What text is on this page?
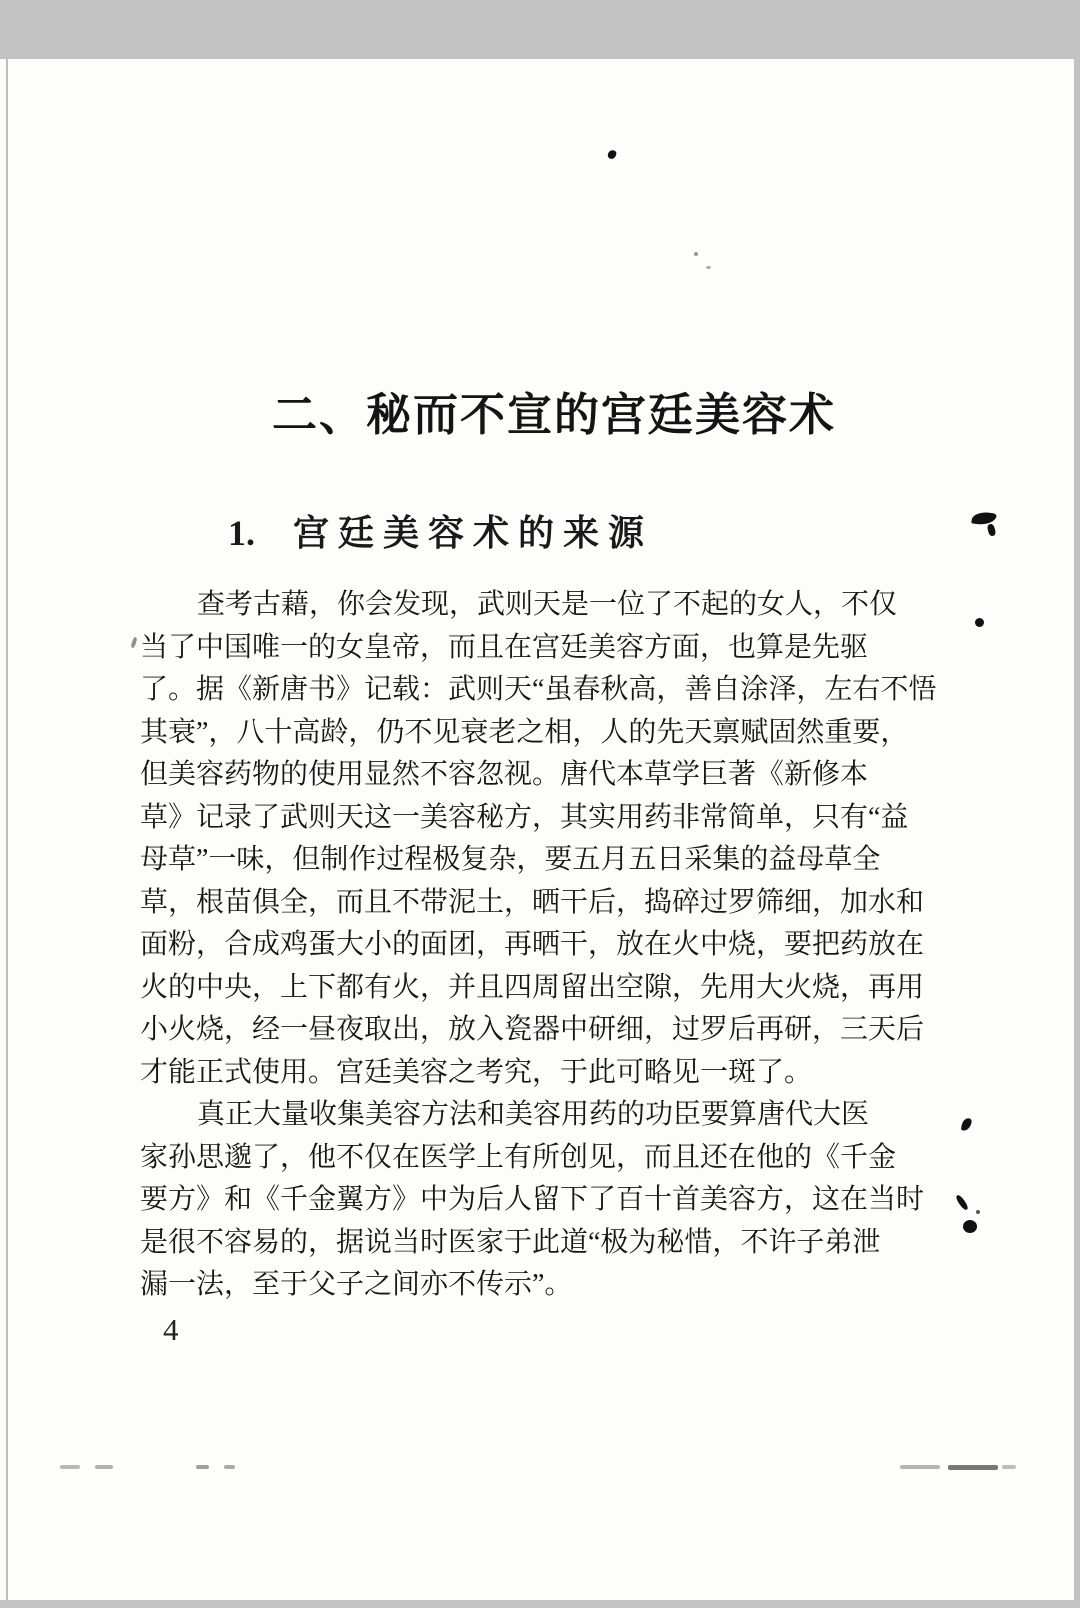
二、秘而不宣的宫廷美容术
1. 宫廷美容术的来源
查考古藉，你会发现，武则天是一位了不起的女人，不仅
当了中国唯一的女皇帝，而且在宫廷美容方面，也算是先驱
了。据《新唐书》记载：武则天“虽春秋高，善自涂泽，左右不悟
其衰”，八十高龄，仍不见衰老之相，人的先天禀赋固然重要，
但美容药物的使用显然不容忽视。唐代本草学巨著《新修本
草》记录了武则天这一美容秘方，其实用药非常简单，只有“益
母草”一味，但制作过程极复杂，要五月五日采集的益母草全
草，根苗俱全，而且不带泥土，晒干后，捣碎过罗筛细，加水和
面粉，合成鸡蛋大小的面团，再晒干，放在火中烧，要把药放在
火的中央，上下都有火，并且四周留出空隙，先用大火烧，再用
小火烧，经一昼夜取出，放入瓷器中研细，过罗后再研，三天后
才能正式使用。宫廷美容之考究，于此可略见一斑了。
真正大量收集美容方法和美容用药的功臣要算唐代大医
家孙思邈了，他不仅在医学上有所创见，而且还在他的《千金
要方》和《千金翼方》中为后人留下了百十首美容方，这在当时
是很不容易的，据说当时医家于此道“极为秘惜，不许子弟泄
漏一法，至于父子之间亦不传示”。
4
